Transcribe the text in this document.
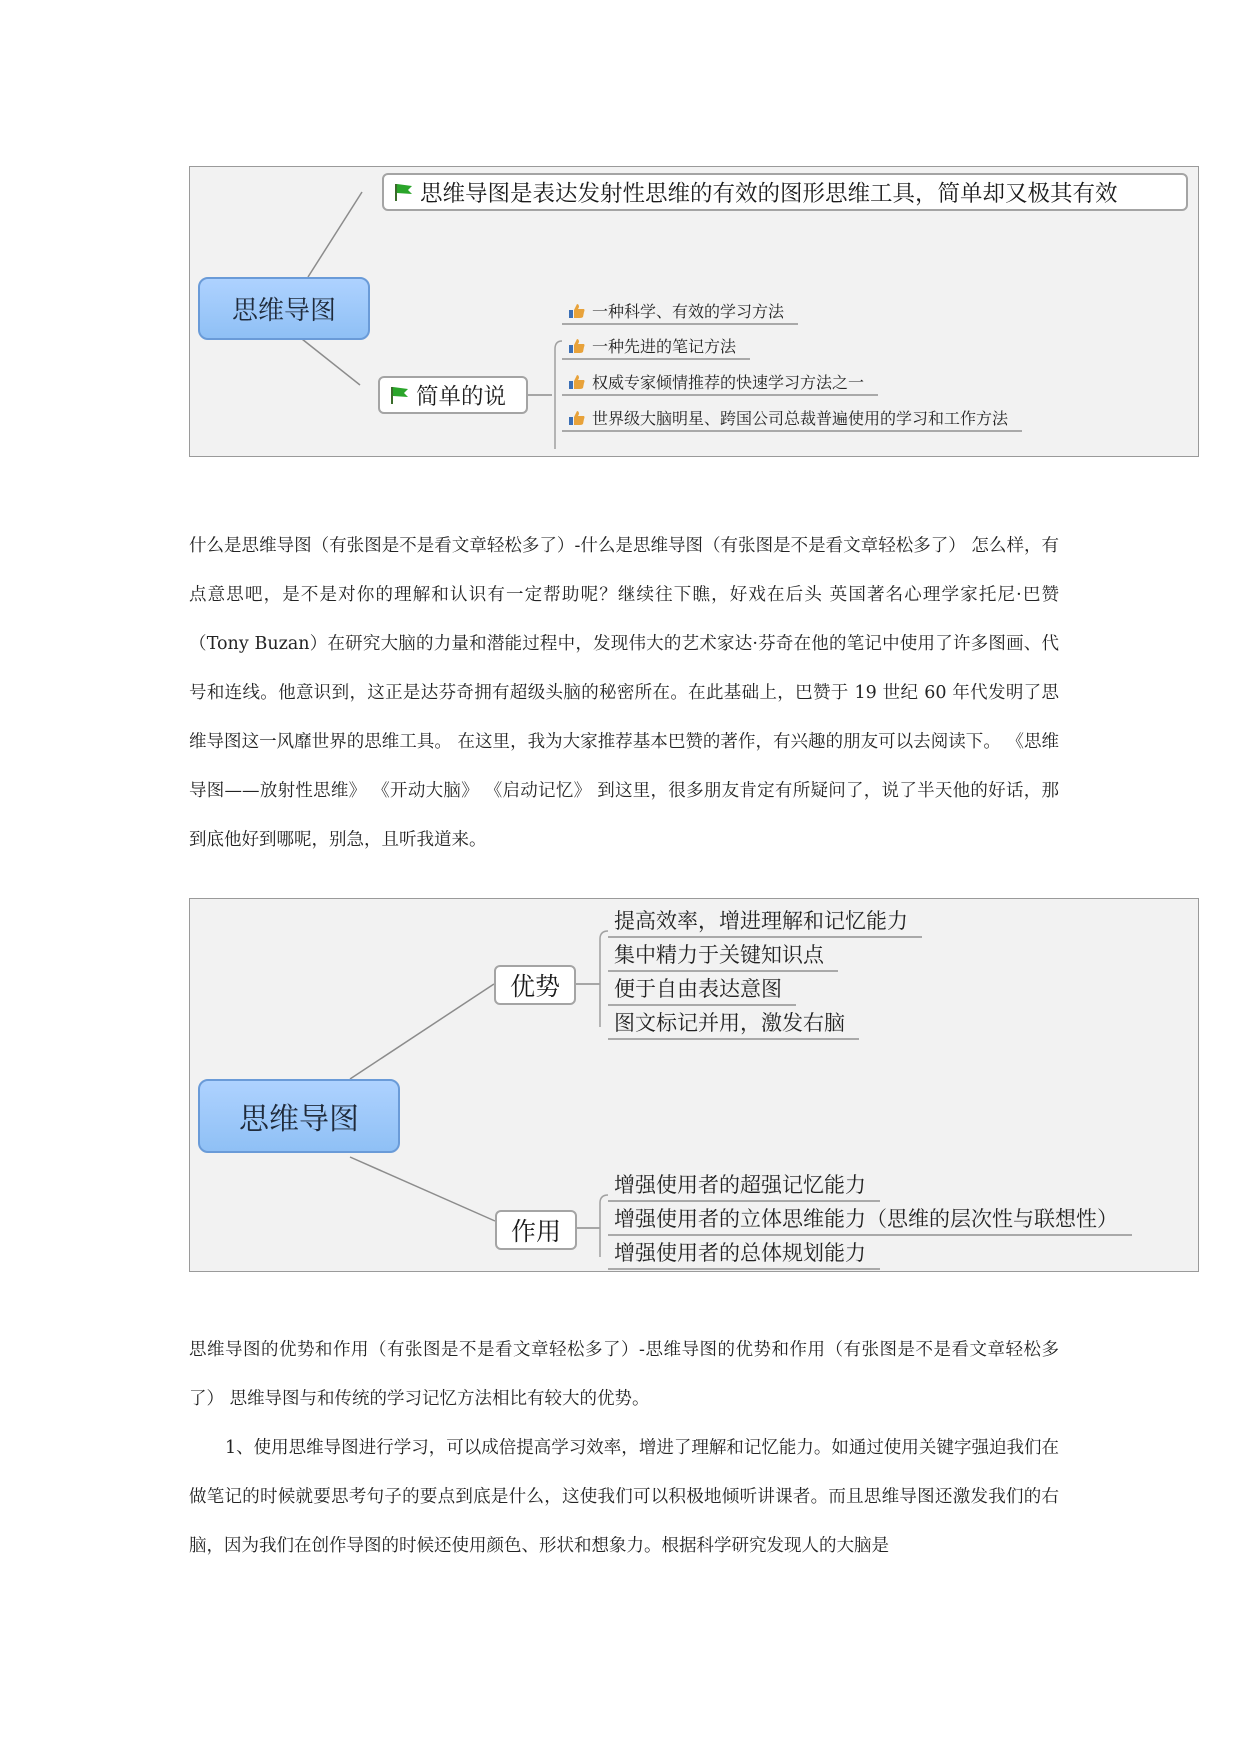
思维导图
思维导图是表达发射性思维的有效的图形思维工具，简单却又极其有效
简单的说
一种科学、有效的学习方法
一种先进的笔记方法
权威专家倾情推荐的快速学习方法之一
世界级大脑明星、跨国公司总裁普遍使用的学习和工作方法

什么是思维导图（有张图是不是看文章轻松多了）-什么是思维导图（有张图是不是看文章轻松多了） 怎么样，有点意思吧，是不是对你的理解和认识有一定帮助呢？继续往下瞧，好戏在后头 英国著名心理学家托尼·巴赞（Tony Buzan）在研究大脑的力量和潜能过程中，发现伟大的艺术家达·芬奇在他的笔记中使用了许多图画、代号和连线。他意识到，这正是达芬奇拥有超级头脑的秘密所在。在此基础上，巴赞于 19 世纪 60 年代发明了思维导图这一风靡世界的思维工具。 在这里，我为大家推荐基本巴赞的著作，有兴趣的朋友可以去阅读下。 《思维导图——放射性思维》 《开动大脑》 《启动记忆》 到这里，很多朋友肯定有所疑问了，说了半天他的好话，那到底他好到哪呢，别急，且听我道来。

思维导图
优势
作用
提高效率，增进理解和记忆能力
集中精力于关键知识点
便于自由表达意图
图文标记并用，激发右脑
增强使用者的超强记忆能力
增强使用者的立体思维能力（思维的层次性与联想性）
增强使用者的总体规划能力

思维导图的优势和作用（有张图是不是看文章轻松多了）-思维导图的优势和作用（有张图是不是看文章轻松多了） 思维导图与和传统的学习记忆方法相比有较大的优势。

1、使用思维导图进行学习，可以成倍提高学习效率，增进了理解和记忆能力。如通过使用关键字强迫我们在做笔记的时候就要思考句子的要点到底是什么，这使我们可以积极地倾听讲课者。而且思维导图还激发我们的右脑，因为我们在创作导图的时候还使用颜色、形状和想象力。根据科学研究发现人的大脑是
